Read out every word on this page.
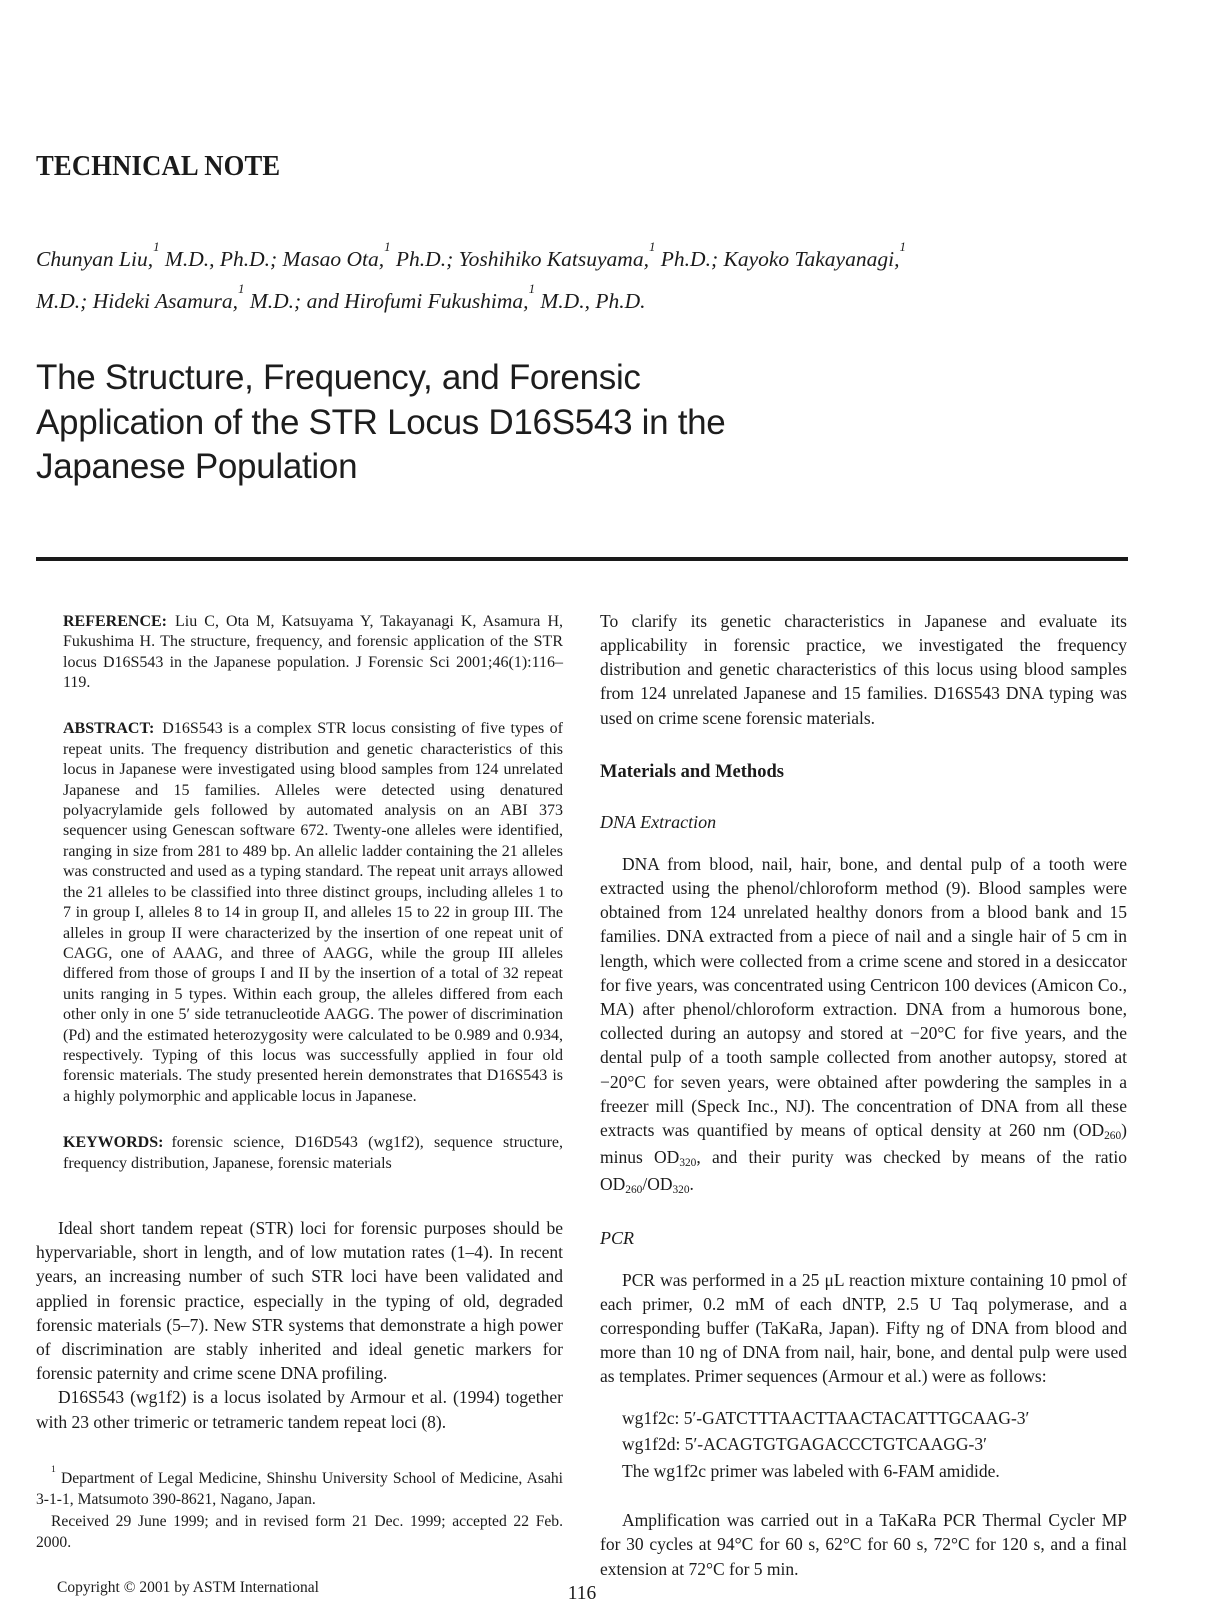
TECHNICAL NOTE
Chunyan Liu,$^1$ M.D., Ph.D.; Masao Ota,$^1$ Ph.D.; Yoshihiko Katsuyama,$^1$ Ph.D.; Kayoko Takayanagi,$^1$
M.D.; Hideki Asamura,$^1$ M.D.; and Hirofumi Fukushima,$^1$ M.D., Ph.D.
The Structure, Frequency, and Forensic
Application of the STR Locus D16S543 in the
Japanese Population

REFERENCE: Liu C, Ota M, Katsuyama Y, Takayanagi K, Asamura H, Fukushima H. The structure, frequency, and forensic application of the STR locus D16S543 in the Japanese population. J Forensic Sci 2001;46(1):116–119.

ABSTRACT: D16S543 is a complex STR locus consisting of five types of repeat units. The frequency distribution and genetic characteristics of this locus in Japanese were investigated using blood samples from 124 unrelated Japanese and 15 families. Alleles were detected using denatured polyacrylamide gels followed by automated analysis on an ABI 373 sequencer using Genescan software 672. Twenty-one alleles were identified, ranging in size from 281 to 489 bp. An allelic ladder containing the 21 alleles was constructed and used as a typing standard. The repeat unit arrays allowed the 21 alleles to be classified into three distinct groups, including alleles 1 to 7 in group I, alleles 8 to 14 in group II, and alleles 15 to 22 in group III. The alleles in group II were characterized by the insertion of one repeat unit of CAGG, one of AAAG, and three of AAGG, while the group III alleles differed from those of groups I and II by the insertion of a total of 32 repeat units ranging in 5 types. Within each group, the alleles differed from each other only in one 5′ side tetranucleotide AAGG. The power of discrimination (Pd) and the estimated heterozygosity were calculated to be 0.989 and 0.934, respectively. Typing of this locus was successfully applied in four old forensic materials. The study presented herein demonstrates that D16S543 is a highly polymorphic and applicable locus in Japanese.

KEYWORDS: forensic science, D16D543 (wg1f2), sequence structure, frequency distribution, Japanese, forensic materials

Ideal short tandem repeat (STR) loci for forensic purposes should be hypervariable, short in length, and of low mutation rates (1–4). In recent years, an increasing number of such STR loci have been validated and applied in forensic practice, especially in the typing of old, degraded forensic materials (5–7). New STR systems that demonstrate a high power of discrimination are stably inherited and ideal genetic markers for forensic paternity and crime scene DNA profiling.

D16S543 (wg1f2) is a locus isolated by Armour et al. (1994) together with 23 other trimeric or tetrameric tandem repeat loci (8).

$^1$ Department of Legal Medicine, Shinshu University School of Medicine, Asahi 3-1-1, Matsumoto 390-8621, Nagano, Japan.

Received 29 June 1999; and in revised form 21 Dec. 1999; accepted 22 Feb. 2000.

To clarify its genetic characteristics in Japanese and evaluate its applicability in forensic practice, we investigated the frequency distribution and genetic characteristics of this locus using blood samples from 124 unrelated Japanese and 15 families. D16S543 DNA typing was used on crime scene forensic materials.

Materials and Methods
DNA Extraction

DNA from blood, nail, hair, bone, and dental pulp of a tooth were extracted using the phenol/chloroform method (9). Blood samples were obtained from 124 unrelated healthy donors from a blood bank and 15 families. DNA extracted from a piece of nail and a single hair of 5 cm in length, which were collected from a crime scene and stored in a desiccator for five years, was concentrated using Centricon 100 devices (Amicon Co., MA) after phenol/chloroform extraction. DNA from a humorous bone, collected during an autopsy and stored at −20°C for five years, and the dental pulp of a tooth sample collected from another autopsy, stored at −20°C for seven years, were obtained after powdering the samples in a freezer mill (Speck Inc., NJ). The concentration of DNA from all these extracts was quantified by means of optical density at 260 nm $(OD_{260})$ minus $OD_{320}$, and their purity was checked by means of the ratio $OD_{260}/OD_{320}$.

PCR

PCR was performed in a 25 μL reaction mixture containing 10 pmol of each primer, 0.2 mM of each dNTP, 2.5 U Taq polymerase, and a corresponding buffer (TaKaRa, Japan). Fifty ng of DNA from blood and more than 10 ng of DNA from nail, hair, bone, and dental pulp were used as templates. Primer sequences (Armour et al.) were as follows:

wg1f2c: 5′-GATCTTTAACTTAACTACATTTGCAAG-3′
wg1f2d: 5′-ACAGTGTGAGACCCTGTCAAGG-3′
The wg1f2c primer was labeled with 6-FAM amidide.

Amplification was carried out in a TaKaRa PCR Thermal Cycler MP for 30 cycles at 94°C for 60 s, 62°C for 60 s, 72°C for 120 s, and a final extension at 72°C for 5 min.

Copyright © 2001 by ASTM International	116
